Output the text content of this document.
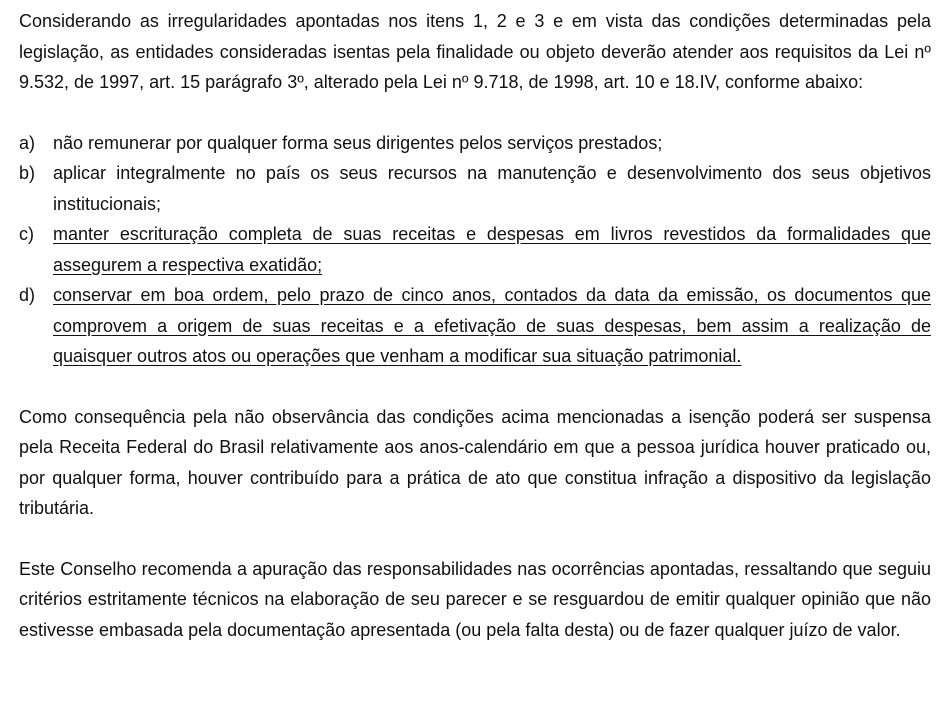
Considerando as irregularidades apontadas nos itens 1, 2 e 3 e em vista das condições determinadas pela legislação, as entidades consideradas isentas pela finalidade ou objeto deverão atender aos requisitos da Lei nº 9.532, de 1997, art. 15 parágrafo 3º, alterado pela Lei nº 9.718, de 1998, art. 10 e 18.IV, conforme abaixo:

a) não remunerar por qualquer forma seus dirigentes pelos serviços prestados;
b) aplicar integralmente no país os seus recursos na manutenção e desenvolvimento dos seus objetivos institucionais;
c)	manter escrituração completa de suas receitas e despesas em livros revestidos da formalidades que assegurem a respectiva exatidão;
d) conservar em boa ordem, pelo prazo de cinco anos, contados da data da emissão, os documentos que comprovem a origem de suas receitas e a efetivação de suas despesas, bem assim a realização de quaisquer outros atos ou operações que venham a modificar sua situação patrimonial.

Como consequência pela não observância das condições acima mencionadas a isenção poderá ser suspensa pela Receita Federal do Brasil relativamente aos anos-calendário em que a pessoa jurídica houver praticado ou, por qualquer forma, houver contribuído para a prática de ato que constitua infração a dispositivo da legislação tributária.

Este Conselho recomenda a apuração das responsabilidades nas ocorrências apontadas, ressaltando que seguiu critérios estritamente técnicos na elaboração de seu parecer e se resguardou de emitir qualquer opinião que não estivesse embasada pela documentação apresentada (ou pela falta desta) ou de fazer qualquer juízo de valor.
